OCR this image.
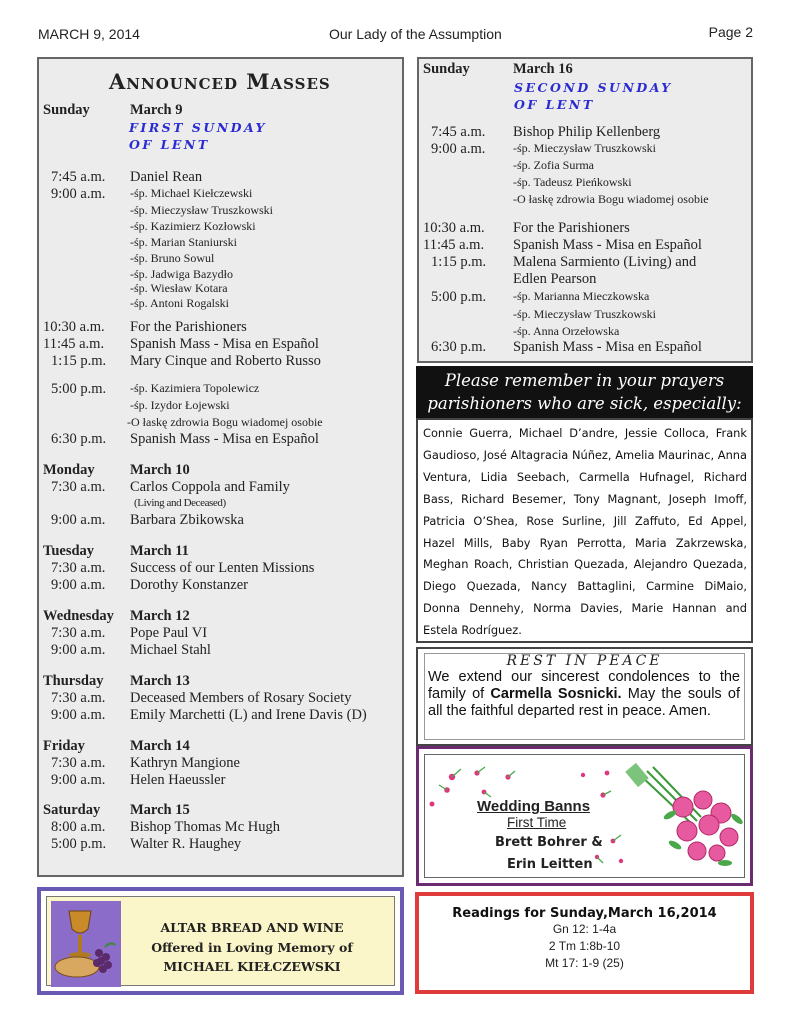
MARCH 9, 2014	Our Lady of the Assumption	Page 2
Announced Masses
Sunday	March 9
FIRST SUNDAY
OF LENT
7:45 a.m. Daniel Rean
9:00 a.m. -śp. Michael Kiełczewski
-śp. Mieczysław Truszkowski
-śp. Kazimierz Kozłowski
-śp. Marian Staniurski
-śp. Bruno Sowul
-śp. Jadwiga Bazydło
-śp. Wiesław Kotara
-śp. Antoni Rogalski
10:30 a.m. For the Parishioners
11:45 a.m. Spanish Mass - Misa en Español
1:15 p.m. Mary Cinque and Roberto Russo
5:00 p.m. -śp. Kazimiera Topolewicz
-śp. Izydor Łojewski
-O łaskę zdrowia Bogu wiadomej osobie
6:30 p.m. Spanish Mass - Misa en Español
Monday March 10
7:30 a.m. Carlos Coppola and Family
(Living and Deceased)
9:00 a.m. Barbara Zbikowska
Tuesday March 11
7:30 a.m. Success of our Lenten Missions
9:00 a.m. Dorothy Konstanzer
Wednesday March 12
7:30 a.m. Pope Paul VI
9:00 a.m. Michael Stahl
Thursday March 13
7:30 a.m. Deceased Members of Rosary Society
9:00 a.m. Emily Marchetti (L) and Irene Davis (D)
Friday	March 14
7:30 a.m. Kathryn Mangione
9:00 a.m. Helen Haeussler
Saturday March 15
8:00 a.m. Bishop Thomas Mc Hugh
5:00 p.m. Walter R. Haughey
Sunday	March 16
SECOND SUNDAY
OF LENT
7:45 a.m. Bishop Philip Kellenberg
9:00 a.m. -śp. Mieczysław Truszkowski
-śp. Zofia Surma
-śp. Tadeusz Pieńkowski
-O łaskę zdrowia Bogu wiadomej osobie
10:30 a.m. For the Parishioners
11:45 a.m. Spanish Mass - Misa en Español
1:15 p.m. Malena Sarmiento (Living) and
Edlen Pearson
5:00 p.m. -śp. Marianna Mieczkowska
-śp. Mieczysław Truszkowski
-śp. Anna Orzełowska
6:30 p.m. Spanish Mass - Misa en Español
Please remember in your prayers
parishioners who are sick, especially:
Connie Guerra, Michael D’andre, Jessie Colloca, Frank Gaudioso, José Altagracia Núñez, Amelia Maurinac, Anna Ventura, Lidia Seebach, Carmella Hufnagel, Richard Bass, Richard Besemer, Tony Magnant, Joseph Imoff, Patricia O’Shea, Rose Surline, Jill Zaffuto, Ed Appel, Hazel Mills, Baby Ryan Perrotta, Maria Zakrzewska, Meghan Roach, Christian Quezada, Alejandro Quezada, Diego Quezada, Nancy Battaglini, Carmine DiMaio, Donna Dennehy, Norma Davies, Marie Hannan and Estela Rodríguez.
REST IN PEACE
We extend our sincerest condolences to the family of Carmella Sosnicki. May the souls of all the faithful departed rest in peace. Amen.
Wedding Banns
First Time
Brett Bohrer &
Erin Leitten
ALTAR BREAD AND WINE
Offered in Loving Memory of
MICHAEL KIEŁCZEWSKI
Readings for Sunday,March 16,2014
Gn 12: 1-4a
2 Tm 1:8b-10
Mt 17: 1-9 (25)
